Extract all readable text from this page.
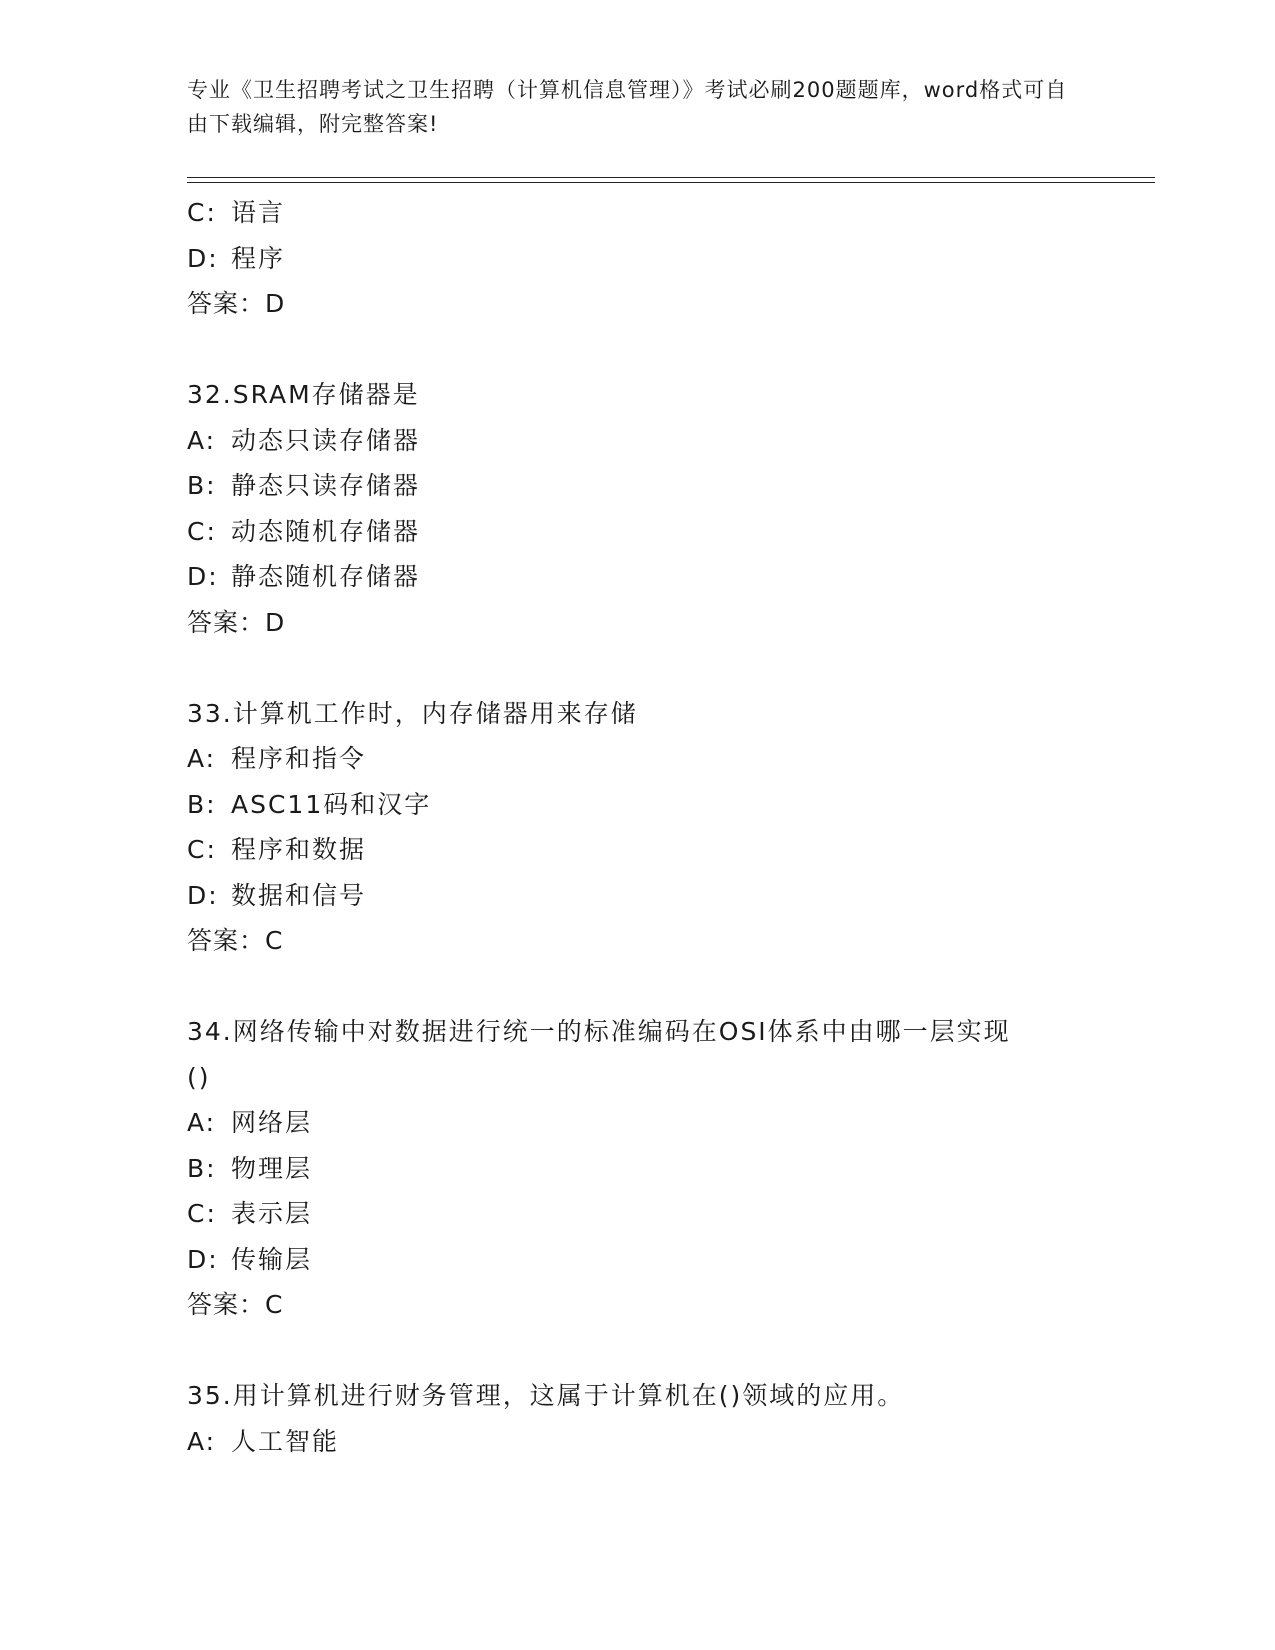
专业《卫生招聘考试之卫生招聘（计算机信息管理）》考试必刷200题题库，word格式可自由下载编辑，附完整答案!
C: 语言
D: 程序
答案：D
32.SRAM存储器是
A: 动态只读存储器
B: 静态只读存储器
C: 动态随机存储器
D: 静态随机存储器
答案：D
33.计算机工作时，内存储器用来存储
A: 程序和指令
B: ASC11码和汉字
C: 程序和数据
D: 数据和信号
答案：C
34.网络传输中对数据进行统一的标准编码在OSI体系中由哪一层实现
()
A: 网络层
B: 物理层
C: 表示层
D: 传输层
答案：C
35.用计算机进行财务管理，这属于计算机在()领域的应用。
A: 人工智能
